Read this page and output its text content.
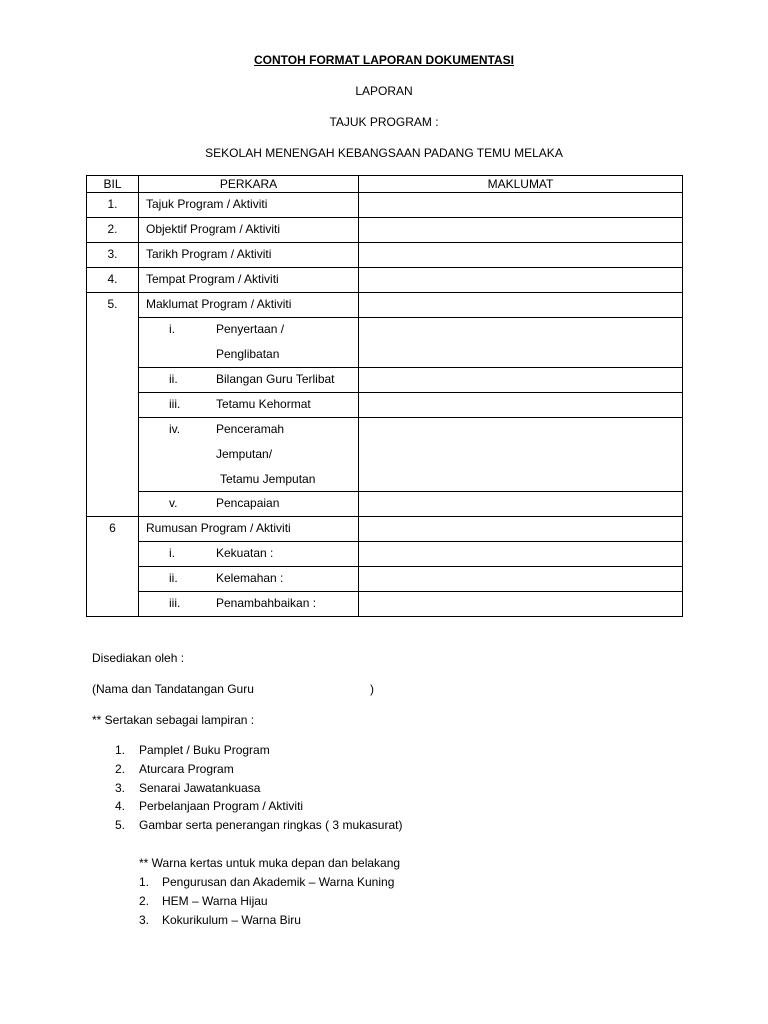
CONTOH FORMAT LAPORAN DOKUMENTASI
LAPORAN
TAJUK PROGRAM :
SEKOLAH MENENGAH KEBANGSAAN PADANG TEMU MELAKA
BIL	PERKARA	MAKLUMAT
1.	Tajuk Program / Aktiviti	
2.	Objektif Program / Aktiviti	
3.	Tarikh Program / Aktiviti	
4.	Tempat Program / Aktiviti	
5.	Maklumat Program / Aktiviti	

	i. Penyertaan /
Penglibatan	

	ii. Bilangan Guru Terlibat	

	iii. Tetamu Kehormat	

	iv. Penceramah
Jemputan/
Tetamu Jemputan	

	v. Pencapaian	

6	Rumusan Program / Aktiviti	

	i. Kekuatan :	

	ii. Kelemahan :	

	iii. Penambahbaikan :	

Disediakan oleh :
(Nama dan Tandatangan Guru	)
** Sertakan sebagai lampiran :
1. Pamplet / Buku Program
2. Aturcara Program
3. Senarai Jawatankuasa
4. Perbelanjaan Program / Aktiviti
5. Gambar serta penerangan ringkas ( 3 mukasurat)
** Warna kertas untuk muka depan dan belakang
1. Pengurusan dan Akademik – Warna Kuning
2. HEM – Warna Hijau
3. Kokurikulum – Warna Biru
